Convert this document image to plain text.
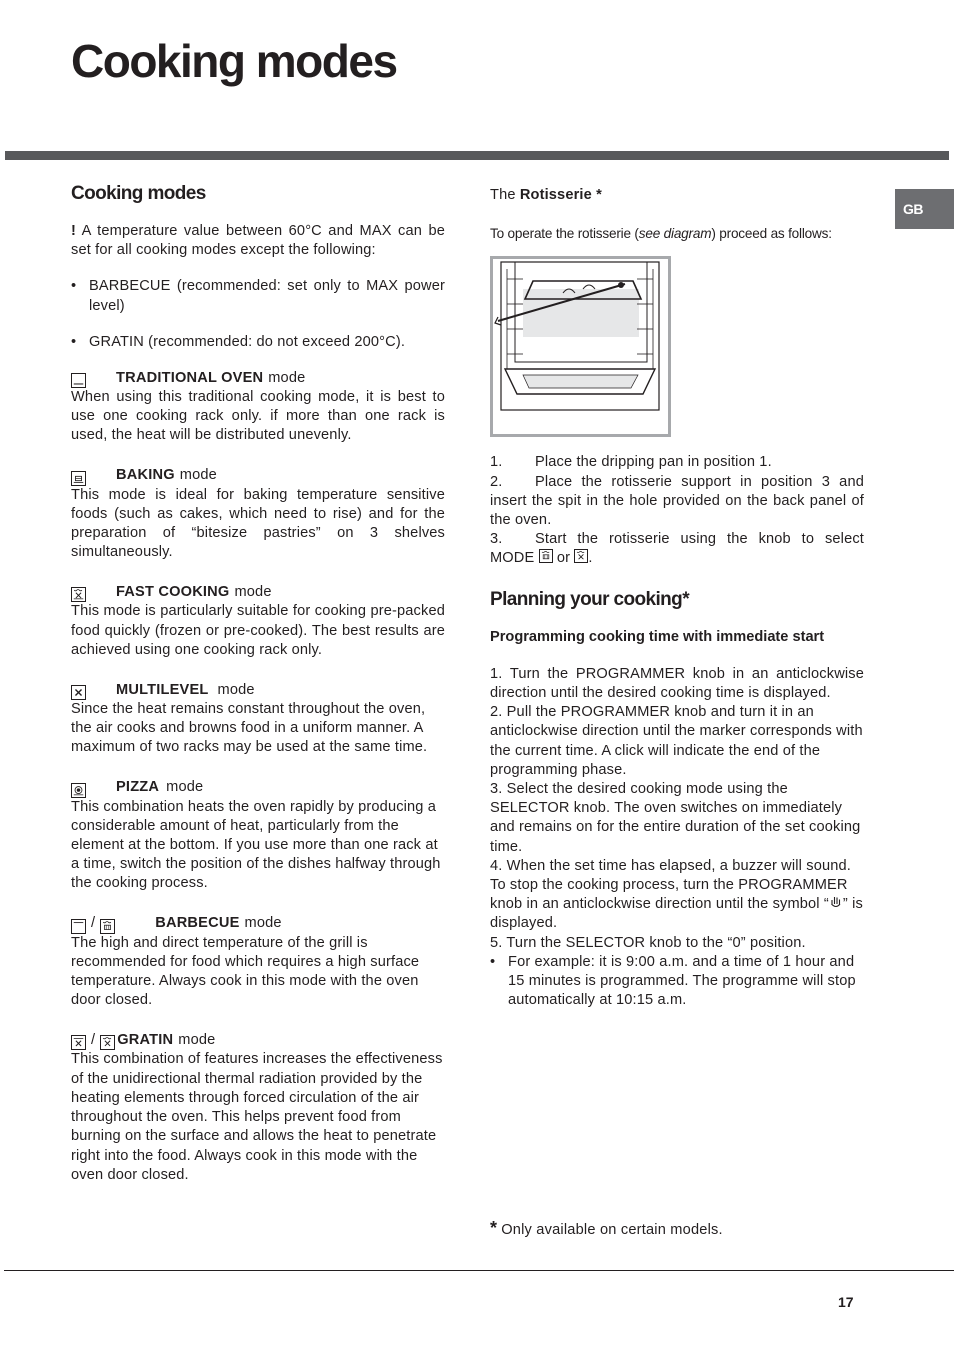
Cooking modes
GB
Cooking modes

! A temperature value between 60°C and MAX can be set for all cooking modes except the following:

• BARBECUE (recommended: set only to MAX power level)
• GRATIN (recommended: do not exceed 200°C).
TRADITIONAL OVEN mode

When using this traditional cooking mode, it is best to use one cooking rack only. if more than one rack is used, the heat will be distributed unevenly.

BAKING mode

This mode is ideal for baking temperature sensitive foods (such as cakes, which need to rise) and for the preparation of “bitesize pastries” on 3 shelves simultaneously.

FAST COOKING mode

This mode is particularly suitable for cooking pre-packed food quickly (frozen or pre-cooked). The best results are achieved using one cooking rack only.

MULTILEVEL mode

Since the heat remains constant throughout the oven, the air cooks and browns food in a uniform manner. A maximum of two racks may be used at the same time.

PIZZA mode

This combination heats the oven rapidly by producing a considerable amount of heat, particularly from the element at the bottom. If you use more than one rack at a time, switch the position of the dishes halfway through the cooking process.

/	BARBECUE mode

The high and direct temperature of the grill is recommended for food which requires a high surface temperature. Always cook in this mode with the oven door closed.

/ GRATIN mode

This combination of features increases the effectiveness of the unidirectional thermal radiation provided by the heating elements through forced circulation of the air throughout the oven. This helps prevent food from burning on the surface and allows the heat to penetrate right into the food. Always cook in this mode with the oven door closed.

The Rotisserie *

To operate the rotisserie (see diagram) proceed as follows:

1. Place the dripping pan in position 1.

2. Place the rotisserie support in position 3 and insert the spit in the hole provided on the back panel of the oven.

3. Start the rotisserie using the knob to select MODE or .

Planning your cooking*

Programming cooking time with immediate start

1. Turn the PROGRAMMER knob in an anticlockwise direction until the desired cooking time is displayed.

2. Pull the PROGRAMMER knob and turn it in an anticlockwise direction until the marker corresponds with the current time. A click will indicate the end of the programming phase.

3. Select the desired cooking mode using the SELECTOR knob. The oven switches on immediately and remains on for the entire duration of the set cooking time.

4. When the set time has elapsed, a buzzer will sound. To stop the cooking process, turn the PROGRAMMER knob in an anticlockwise direction until the symbol “ ” is displayed.

5. Turn the SELECTOR knob to the “0” position.

• For example: it is 9:00 a.m. and a time of 1 hour and 15 minutes is programmed. The programme will stop automatically at 10:15 a.m.

* Only available on certain models.
17
